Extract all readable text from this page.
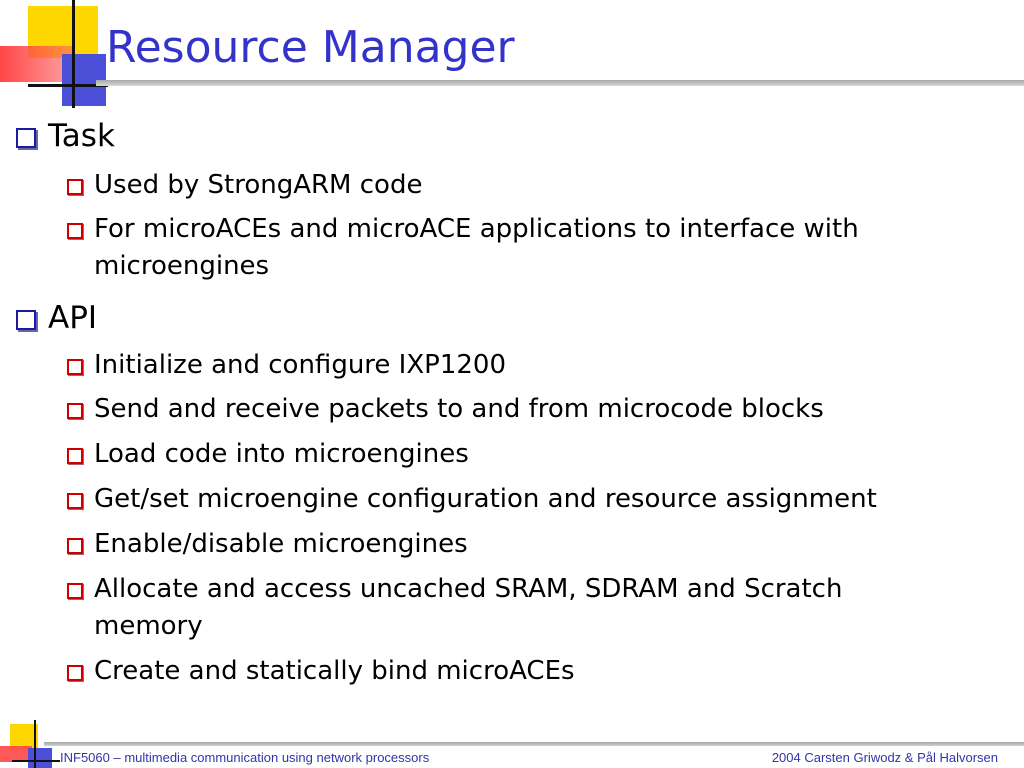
Resource Manager
Task
Used by StrongARM code
For microACEs and microACE applications to interface with
microengines
API
Initialize and configure IXP1200
Send and receive packets to and from microcode blocks
Load code into microengines
Get/set microengine configuration and resource assignment
Enable/disable microengines
Allocate and access uncached SRAM, SDRAM and Scratch
memory
Create and statically bind microACEs
INF5060 – multimedia communication using network processors	2004 Carsten Griwodz & Pål Halvorsen
